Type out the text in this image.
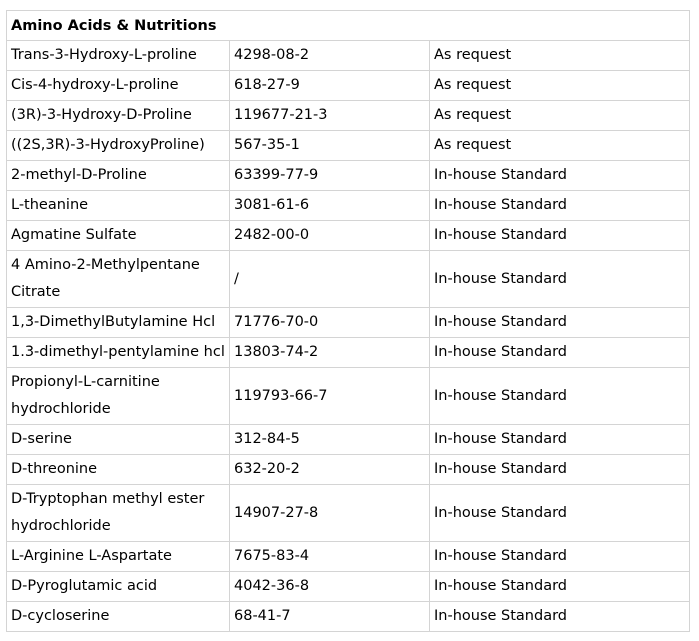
Amino Acids & Nutritions		
Trans-3-Hydroxy-L-proline	4298-08-2	As request
Cis-4-hydroxy-L-proline	618-27-9	As request
(3R)-3-Hydroxy-D-Proline	119677-21-3	As request
((2S,3R)-3-HydroxyProline)	567-35-1	As request
2-methyl-D-Proline	63399-77-9	In-house Standard
L-theanine	3081-61-6	In-house Standard
Agmatine Sulfate	2482-00-0	In-house Standard
4 Amino-2-Methylpentane Citrate	/	In-house Standard
1,3-DimethylButylamine Hcl	71776-70-0	In-house Standard
1.3-dimethyl-pentylamine hcl	13803-74-2	In-house Standard
Propionyl-L-carnitine hydrochloride	119793-66-7	In-house Standard
D-serine	312-84-5	In-house Standard
D-threonine	632-20-2	In-house Standard
D-Tryptophan methyl ester hydrochloride	14907-27-8	In-house Standard
L-Arginine L-Aspartate	7675-83-4	In-house Standard
D-Pyroglutamic acid	4042-36-8	In-house Standard
D-cycloserine	68-41-7	In-house Standard
